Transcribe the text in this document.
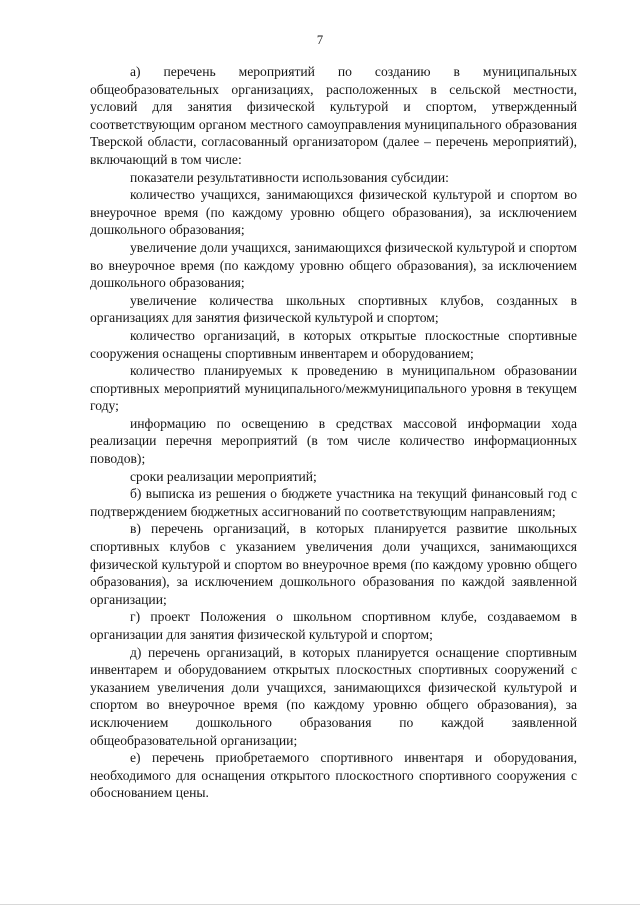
7

а) перечень мероприятий по созданию в муниципальных общеобразовательных организациях, расположенных в сельской местности, условий для занятия физической культурой и спортом, утвержденный соответствующим органом местного самоуправления муниципального образования Тверской области, согласованный организатором (далее – перечень мероприятий), включающий в том числе:

показатели результативности использования субсидии:

количество учащихся, занимающихся физической культурой и спортом во внеурочное время (по каждому уровню общего образования), за исключением дошкольного образования;

увеличение доли учащихся, занимающихся физической культурой и спортом во внеурочное время (по каждому уровню общего образования), за исключением дошкольного образования;

увеличение количества школьных спортивных клубов, созданных в организациях для занятия физической культурой и спортом;

количество организаций, в которых открытые плоскостные спортивные сооружения оснащены спортивным инвентарем и оборудованием;

количество планируемых к проведению в муниципальном образовании спортивных мероприятий муниципального/межмуниципального уровня в текущем году;

информацию по освещению в средствах массовой информации хода реализации перечня мероприятий (в том числе количество информационных поводов);

сроки реализации мероприятий;

б) выписка из решения о бюджете участника на текущий финансовый год с подтверждением бюджетных ассигнований по соответствующим направлениям;

в) перечень организаций, в которых планируется развитие школьных спортивных клубов с указанием увеличения доли учащихся, занимающихся физической культурой и спортом во внеурочное время (по каждому уровню общего образования), за исключением дошкольного образования по каждой заявленной организации;

г) проект Положения о школьном спортивном клубе, создаваемом в организации для занятия физической культурой и спортом;

д) перечень организаций, в которых планируется оснащение спортивным инвентарем и оборудованием открытых плоскостных спортивных сооружений с указанием увеличения доли учащихся, занимающихся физической культурой и спортом во внеурочное время (по каждому уровню общего образования), за исключением дошкольного образования по каждой заявленной общеобразовательной организации;

е) перечень приобретаемого спортивного инвентаря и оборудования, необходимого для оснащения открытого плоскостного спортивного сооружения с обоснованием цены.
